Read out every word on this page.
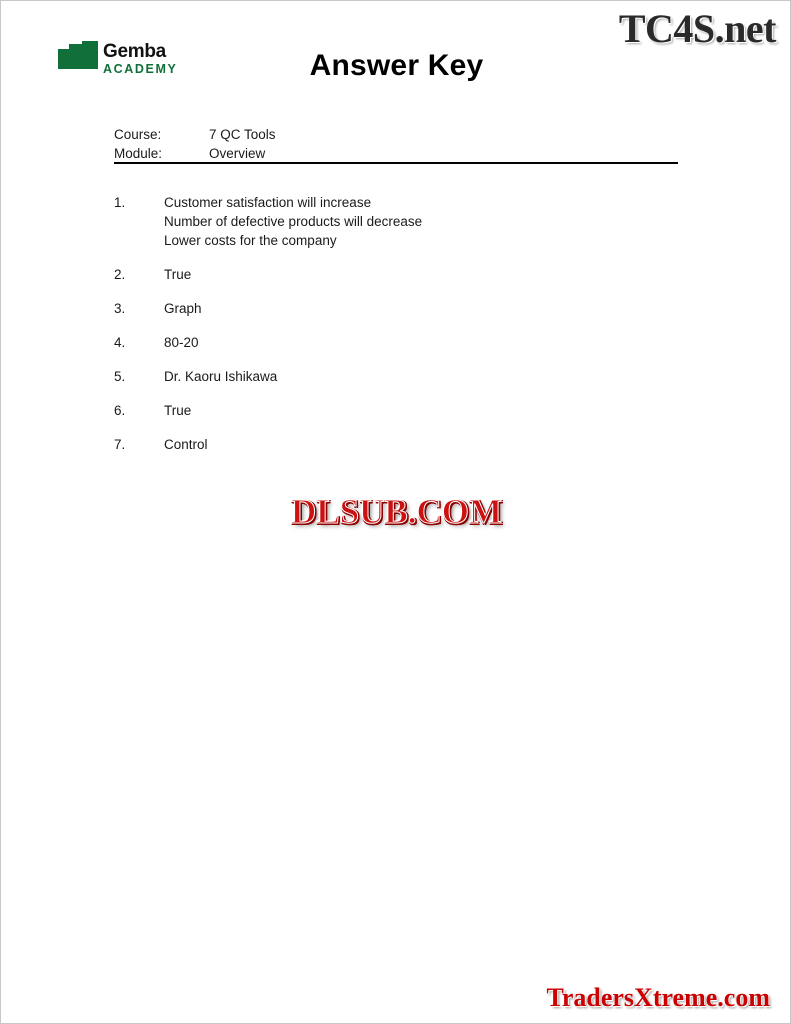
TC4S.net
Gemba
ACADEMY	Answer Key
Course:	7 QC Tools
Module:	Overview
1.	Customer satisfaction will increase
Number of defective products will decrease
Lower costs for the company
2.	True
3.	Graph
4.	80-20
5.	Dr. Kaoru Ishikawa
6.	True
7.	Control
DLSUB.COM
TradersXtreme.com
